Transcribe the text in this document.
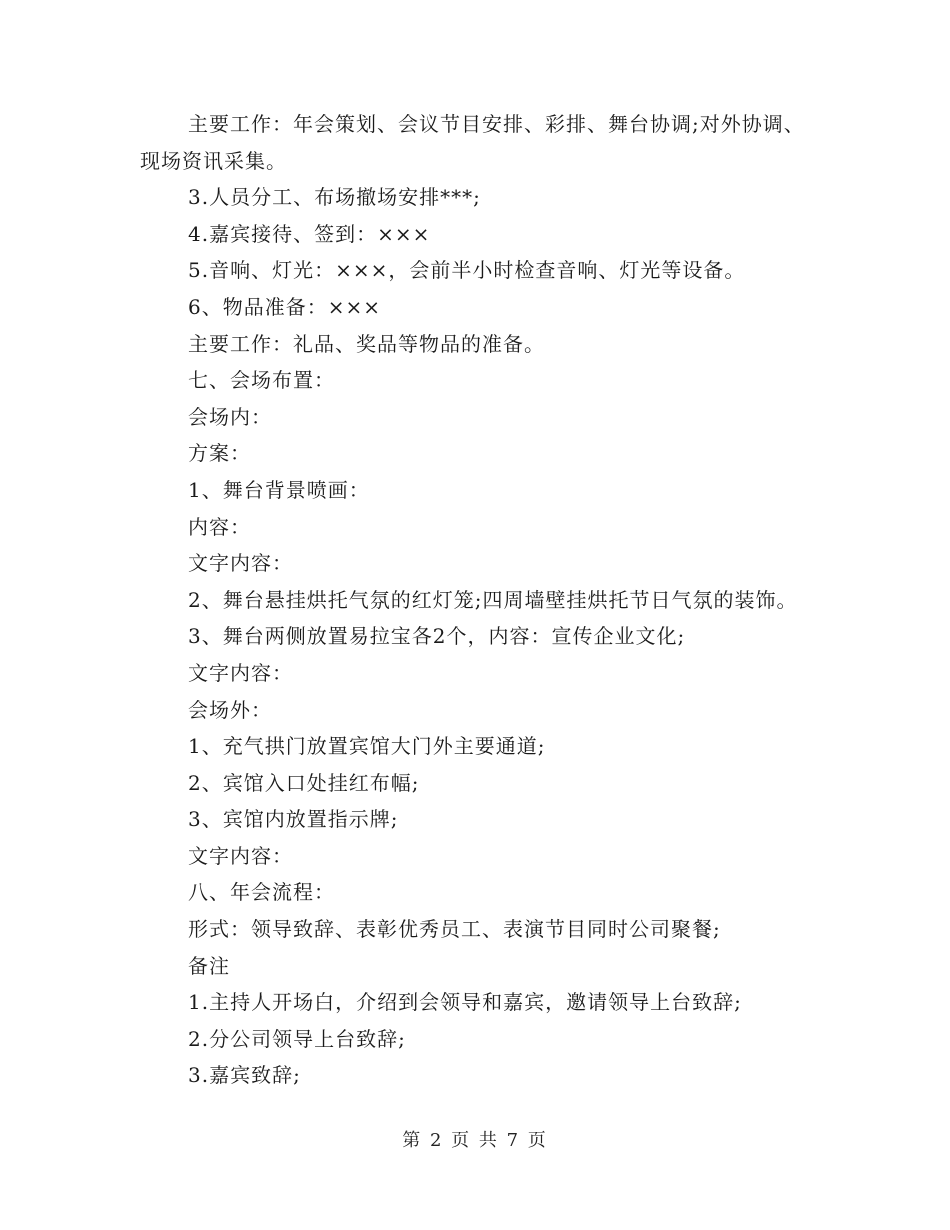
主要工作：年会策划、会议节目安排、彩排、舞台协调;对外协调、
现场资讯采集。
3.人员分工、布场撤场安排***;
4.嘉宾接待、签到：×××
5.音响、灯光：×××，会前半小时检查音响、灯光等设备。
6、物品准备：×××
主要工作：礼品、奖品等物品的准备。
七、会场布置：
会场内：
方案：
1、舞台背景喷画：
内容：
文字内容：
2、舞台悬挂烘托气氛的红灯笼;四周墙壁挂烘托节日气氛的装饰。
3、舞台两侧放置易拉宝各2个，内容：宣传企业文化;
文字内容：
会场外：
1、充气拱门放置宾馆大门外主要通道;
2、宾馆入口处挂红布幅;
3、宾馆内放置指示牌;
文字内容：
八、年会流程：
形式：领导致辞、表彰优秀员工、表演节目同时公司聚餐;
备注
1.主持人开场白，介绍到会领导和嘉宾，邀请领导上台致辞;
2.分公司领导上台致辞;
3.嘉宾致辞;
第 2 页 共 7 页
